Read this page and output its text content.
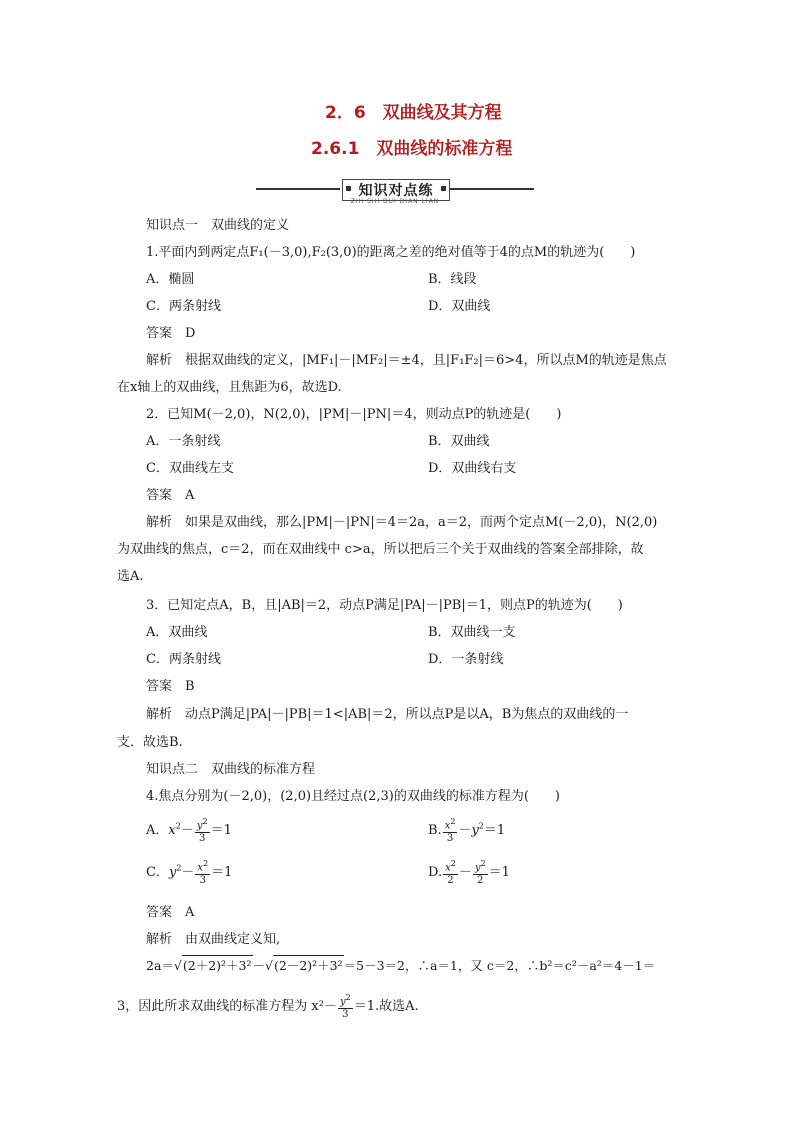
2．6　双曲线及其方程
2.6.1　双曲线的标准方程
知识对点练
ZHI SHI DUI DIAN LIAN
知识点一　双曲线的定义
1.平面内到两定点F₁(－3,0),F₂(3,0)的距离之差的绝对值等于4的点M的轨迹为(　　)
A．椭圆	B．线段
C．两条射线	D．双曲线
答案　 D
解析　 根据双曲线的定义，|MF₁|－|MF₂|＝±4，且|F₁F₂|＝6>4，所以点M的轨迹是焦点
在x轴上的双曲线，且焦距为6，故选D.
2．已知M(－2,0)，N(2,0)，|PM|－|PN|＝4，则动点P的轨迹是(　　)
A．一条射线	B．双曲线
C．双曲线左支	D．双曲线右支
答案　 A
解析　 如果是双曲线，那么|PM|－|PN|＝4＝2a，a＝2，而两个定点M(－2,0)，N(2,0)
为双曲线的焦点，c＝2，而在双曲线中 c>a，所以把后三个关于双曲线的答案全部排除，故
选A.
3．已知定点A，B，且|AB|＝2，动点P满足|PA|－|PB|＝1，则点P的轨迹为(　　)
A．双曲线	B．双曲线一支
C．两条射线	D．一条射线
答案　 B
解析　 动点P满足|PA|－|PB|＝1<|AB|＝2，所以点P是以A，B为焦点的双曲线的一
支．故选B.
知识点二　双曲线的标准方程
4.焦点分别为(－2,0)，(2,0)且经过点(2,3)的双曲线的标准方程为(　　)
A．$x^2- \frac{y^2}{3} =1$	B. $\frac{x^2}{3} -y^2=1$
C．$y^2- \frac{x^2}{3} =1$	D. $\frac{x^2}{2} - \frac{y^2}{2} =1$
答案　 A
解析　 由双曲线定义知,
2a＝√(2＋2)²＋3²－√(2－2)²＋3²＝5－3＝2，∴a＝1，又 c＝2，∴b²＝c²－a²＝4－1＝
3，因此所求双曲线的标准方程为 $x^2- \frac{y^2}{3} =1$.故选A.
